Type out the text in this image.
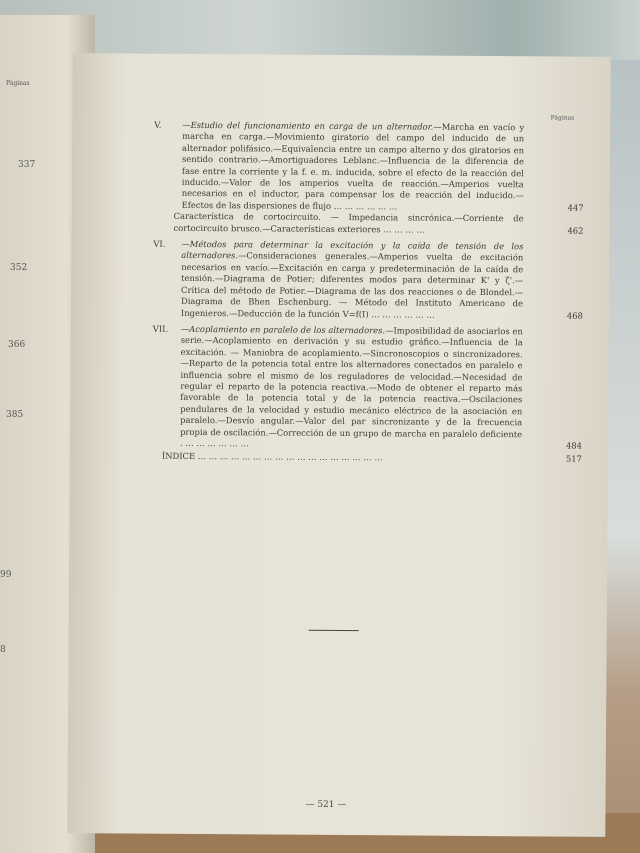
Páginas
337
352
366
385
99
8
Páginas
V.	—Estudio del funcionamiento en carga de un alternador.—Marcha en vacío y marcha en carga.—Movimiento giratorio del campo del inducido de un alternador polifásico.—Equivalencia entre un campo alterno y dos giratorios en sentido contrario.—Amortiguadores Leblanc.—Influencia de la diferencia de fase entre la corriente y la f. e. m. inducida, sobre el efecto de la reacción del inducido.—Valor de los amperios vuelta de reacción.—Amperios vuelta necesarios en el inductor, para compensar los de reacción del inducido.—Efectos de las dispersiones de flujo … … … … … …	447
Característica de cortocircuito. — Impedancia sincrónica.—Corriente de cortocircuito brusco.—Características exteriores … … … …	462
VI.	—Métodos para determinar la excitación y la caída de tensión de los alternadores.—Consideraciones generales.—Amperios vuelta de excitación necesarios en vacío.—Excitación en carga y predeterminación de la caída de tensión.—Diagrama de Potier; diferentes modos para determinar K' y ζ'.—Crítica del método de Potier.—Diagrama de las dos reacciones o de Blondel.—Diagrama de Bhen Eschenburg. — Método del Instituto Americano de Ingenieros.—Deducción de la función V=f(I) … … … … … …	468
VII.	—Acoplamiento en paralelo de los alternadores.—Imposibilidad de asociarlos en serie.—Acoplamiento en derivación y su estudio gráfico.—Influencia de la excitación. — Maniobra de acoplamiento.—Sincronoscopios o sincronizadores.—Reparto de la potencia total entre los alternadores conectados en paralelo e influencia sobre el mismo de los reguladores de velocidad.—Necesidad de regular el reparto de la potencia reactiva.—Modo de obtener el reparto más favorable de la potencia total y de la potencia reactiva.—Oscilaciones pendulares de la velocidad y estudio mecánico eléctrico de la asociación en paralelo.—Desvío angular.—Valor del par sincronizante y de la frecuencia propia de oscilación.—Corrección de un grupo de marcha en paralelo deficiente . … … … … … …	484
ÍNDICE … … … … … … … … … … … … … … … … …	517
— 521 —
